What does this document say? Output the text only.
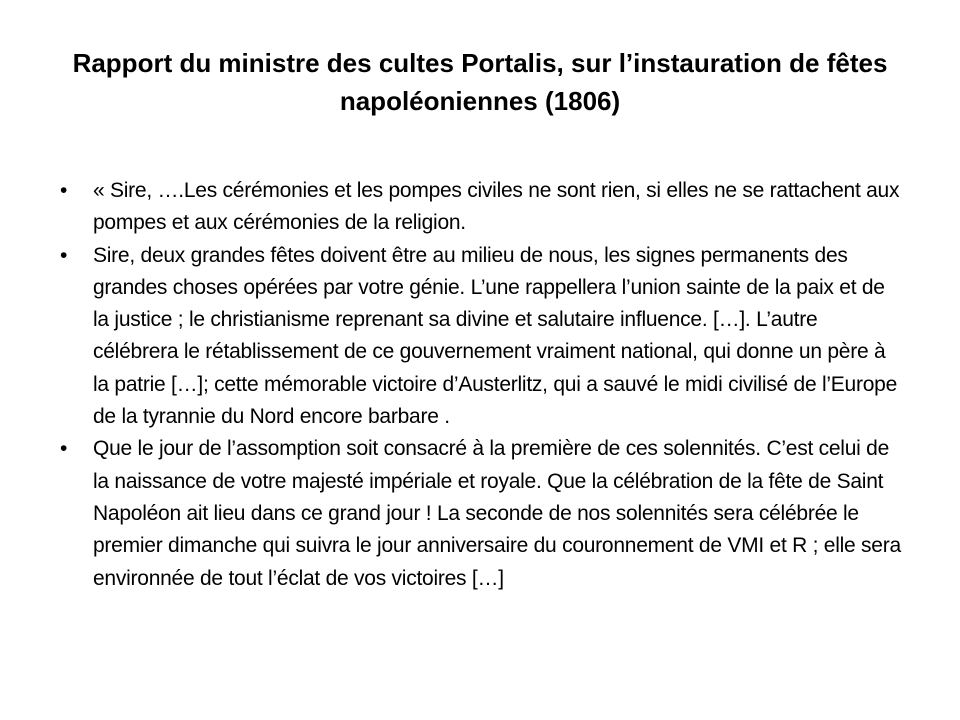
Rapport du ministre des cultes Portalis, sur l’instauration de fêtes napoléoniennes (1806)
•	« Sire, ….Les cérémonies et les pompes civiles ne sont rien, si elles ne se rattachent aux pompes et aux cérémonies de la religion.
•	Sire, deux grandes fêtes doivent être au milieu de nous, les signes permanents des grandes choses opérées par votre génie. L’une rappellera l’union sainte de la paix et de la justice ; le christianisme reprenant sa divine et salutaire influence. […]. L’autre célébrera le rétablissement de ce gouvernement vraiment national, qui donne un père à la patrie […]; cette mémorable victoire d’Austerlitz, qui a sauvé le midi civilisé de l’Europe de la tyrannie du Nord encore barbare .
•	Que le jour de l’assomption soit consacré à la première de ces solennités. C’est celui de la naissance de votre majesté impériale et royale. Que la célébration de la fête de Saint Napoléon ait lieu dans ce grand jour ! La seconde de nos solennités sera célébrée le premier dimanche qui suivra le jour anniversaire du couronnement de VMI et R ; elle sera environnée de tout l’éclat de vos victoires […]
